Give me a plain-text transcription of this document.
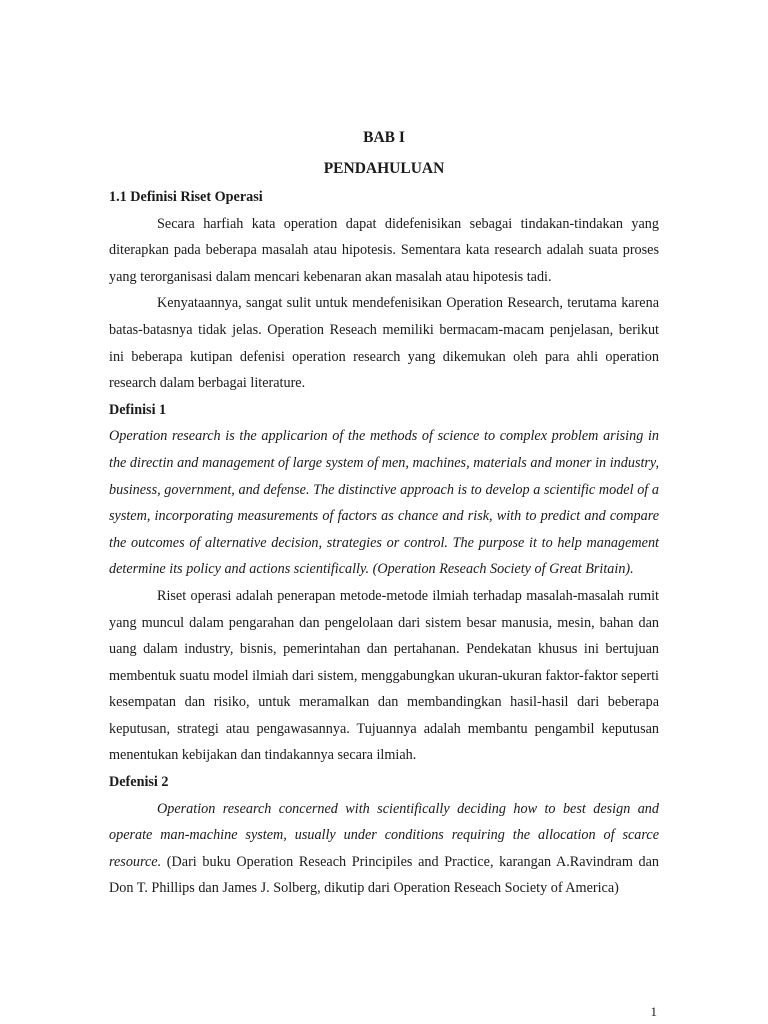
BAB I
PENDAHULUAN
1.1 Definisi Riset Operasi

Secara harfiah kata operation dapat didefenisikan sebagai tindakan-tindakan yang diterapkan pada beberapa masalah atau hipotesis. Sementara kata research adalah suata proses yang terorganisasi dalam mencari kebenaran akan masalah atau hipotesis tadi.

Kenyataannya, sangat sulit untuk mendefenisikan Operation Research, terutama karena batas-batasnya tidak jelas. Operation Reseach memiliki bermacam-macam penjelasan, berikut ini beberapa kutipan defenisi operation research yang dikemukan oleh para ahli operation research dalam berbagai literature.

Definisi 1

Operation research is the applicarion of the methods of science to complex problem arising in the directin and management of large system of men, machines, materials and moner in industry, business, government, and defense. The distinctive approach is to develop a scientific model of a system, incorporating measurements of factors as chance and risk, with to predict and compare the outcomes of alternative decision, strategies or control. The purpose it to help management determine its policy and actions scientifically. (Operation Reseach Society of Great Britain).

Riset operasi adalah penerapan metode-metode ilmiah terhadap masalah-masalah rumit yang muncul dalam pengarahan dan pengelolaan dari sistem besar manusia, mesin, bahan dan uang dalam industry, bisnis, pemerintahan dan pertahanan. Pendekatan khusus ini bertujuan membentuk suatu model ilmiah dari sistem, menggabungkan ukuran-ukuran faktor-faktor seperti kesempatan dan risiko, untuk meramalkan dan membandingkan hasil-hasil dari beberapa keputusan, strategi atau pengawasannya. Tujuannya adalah membantu pengambil keputusan menentukan kebijakan dan tindakannya secara ilmiah.

Defenisi 2

Operation research concerned with scientifically deciding how to best design and operate man-machine system, usually under conditions requiring the allocation of scarce resource. (Dari buku Operation Reseach Principiles and Practice, karangan A.Ravindram dan Don T. Phillips dan James J. Solberg, dikutip dari Operation Reseach Society of America)

1
